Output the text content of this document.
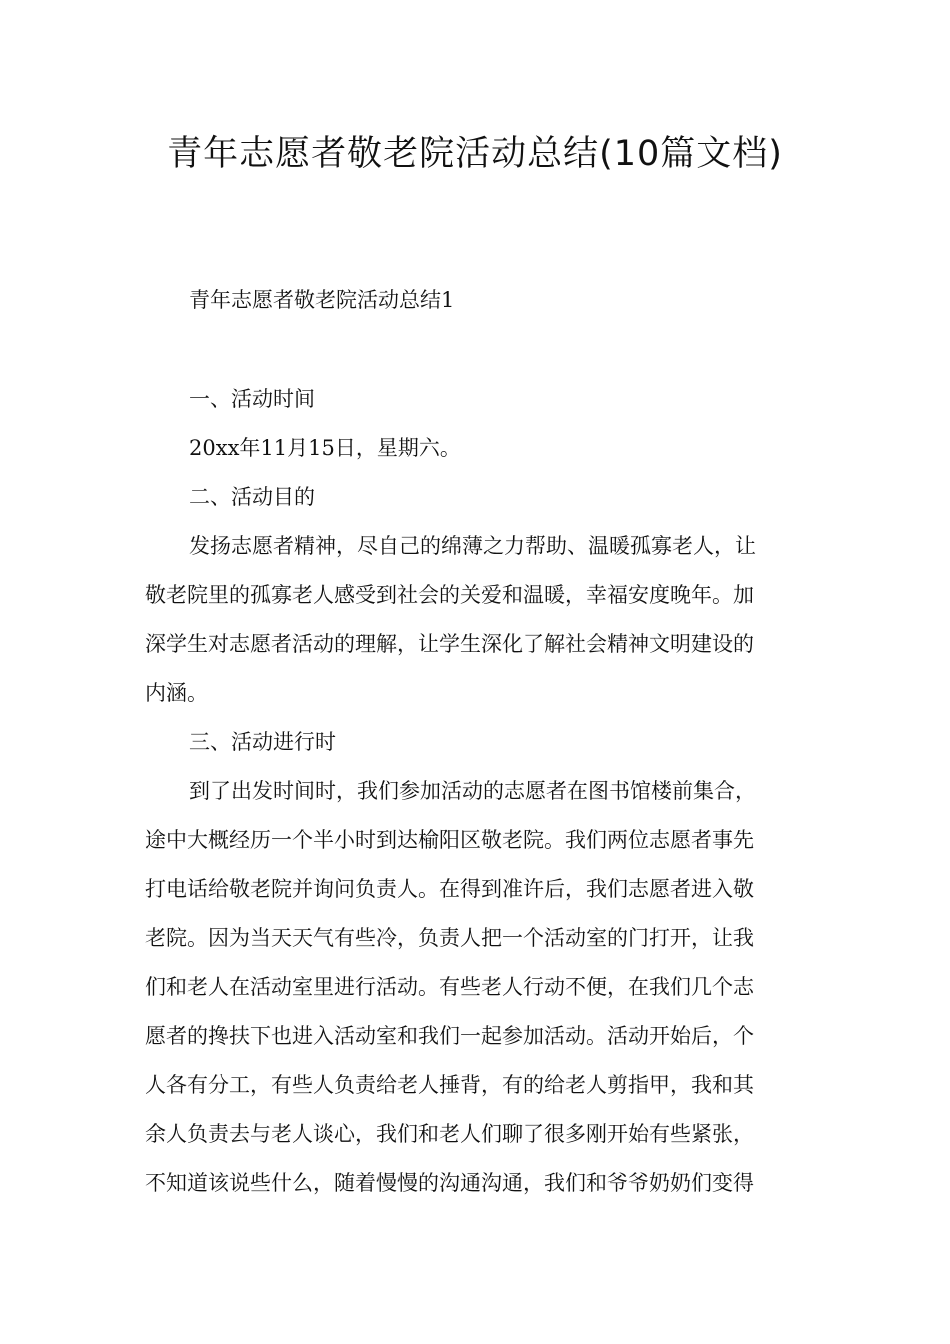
青年志愿者敬老院活动总结(10篇文档)
青年志愿者敬老院活动总结1
一、活动时间
20xx年11月15日，星期六。
二、活动目的
发扬志愿者精神，尽自己的绵薄之力帮助、温暖孤寡老人，让
敬老院里的孤寡老人感受到社会的关爱和温暖，幸福安度晚年。加
深学生对志愿者活动的理解，让学生深化了解社会精神文明建设的
内涵。
三、活动进行时
到了出发时间时，我们参加活动的志愿者在图书馆楼前集合，
途中大概经历一个半小时到达榆阳区敬老院。我们两位志愿者事先
打电话给敬老院并询问负责人。在得到准许后，我们志愿者进入敬
老院。因为当天天气有些冷，负责人把一个活动室的门打开，让我
们和老人在活动室里进行活动。有些老人行动不便，在我们几个志
愿者的搀扶下也进入活动室和我们一起参加活动。活动开始后，个
人各有分工，有些人负责给老人捶背，有的给老人剪指甲，我和其
余人负责去与老人谈心，我们和老人们聊了很多刚开始有些紧张，
不知道该说些什么，随着慢慢的沟通沟通，我们和爷爷奶奶们变得
